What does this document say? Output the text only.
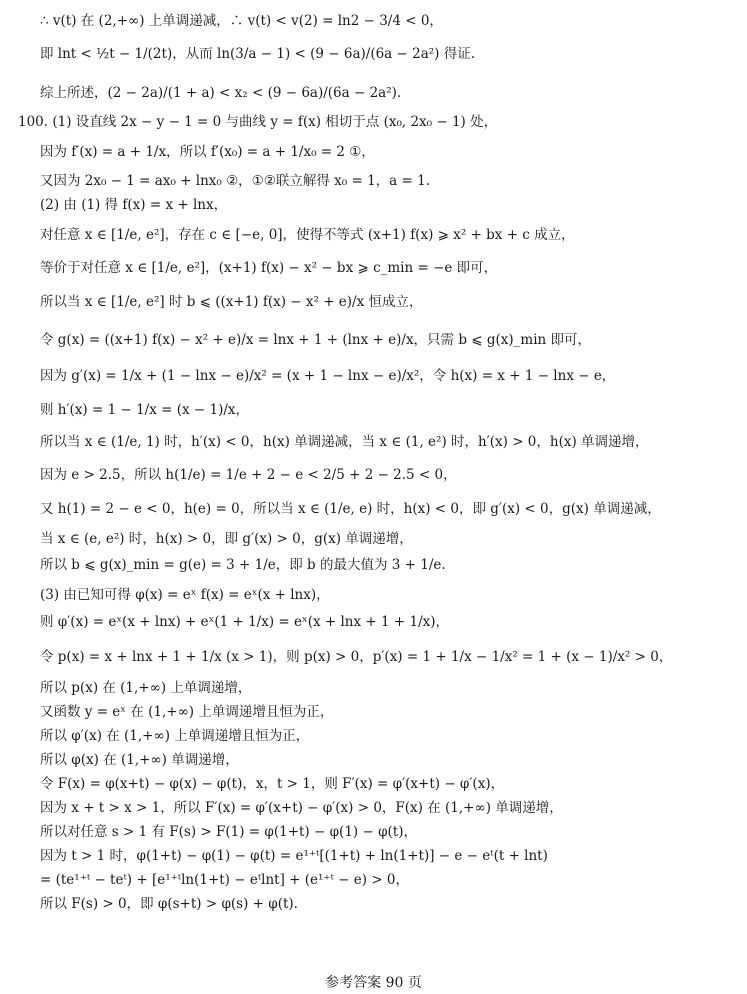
∴ v(t) 在 (2,+∞) 上单调递减，∴ v(t) < v(2) = ln2 − 3/4 < 0，
即 lnt < ½t − 1/(2t)，从而 ln(3/a − 1) < (9 − 6a)/(6a − 2a²) 得证.
综上所述，(2 − 2a)/(1 + a) < x₂ < (9 − 6a)/(6a − 2a²).
100. (1) 设直线 2x − y − 1 = 0 与曲线 y = f(x) 相切于点 (x₀, 2x₀ − 1) 处，
因为 f′(x) = a + 1/x，所以 f′(x₀) = a + 1/x₀ = 2 ①，
又因为 2x₀ − 1 = ax₀ + lnx₀ ②，①②联立解得 x₀ = 1，a = 1.
(2) 由 (1) 得 f(x) = x + lnx，
对任意 x ∈ [1/e, e²]，存在 c ∈ [−e, 0]，使得不等式 (x+1) f(x) ⩾ x² + bx + c 成立，
等价于对任意 x ∈ [1/e, e²]，(x+1) f(x) − x² − bx ⩾ c_min = −e 即可，
所以当 x ∈ [1/e, e²] 时 b ⩽ ((x+1) f(x) − x² + e)/x 恒成立，
令 g(x) = ((x+1) f(x) − x² + e)/x = lnx + 1 + (lnx + e)/x，只需 b ⩽ g(x)_min 即可，
因为 g′(x) = 1/x + (1 − lnx − e)/x² = (x + 1 − lnx − e)/x²，令 h(x) = x + 1 − lnx − e，
则 h′(x) = 1 − 1/x = (x − 1)/x，
所以当 x ∈ (1/e, 1) 时，h′(x) < 0，h(x) 单调递减，当 x ∈ (1, e²) 时，h′(x) > 0，h(x) 单调递增，
因为 e > 2.5，所以 h(1/e) = 1/e + 2 − e < 2/5 + 2 − 2.5 < 0，
又 h(1) = 2 − e < 0，h(e) = 0，所以当 x ∈ (1/e, e) 时，h(x) < 0，即 g′(x) < 0，g(x) 单调递减，
当 x ∈ (e, e²) 时，h(x) > 0，即 g′(x) > 0，g(x) 单调递增，
所以 b ⩽ g(x)_min = g(e) = 3 + 1/e，即 b 的最大值为 3 + 1/e.
(3) 由已知可得 φ(x) = eˣ f(x) = eˣ(x + lnx)，
则 φ′(x) = eˣ(x + lnx) + eˣ(1 + 1/x) = eˣ(x + lnx + 1 + 1/x)，
令 p(x) = x + lnx + 1 + 1/x (x > 1)，则 p(x) > 0，p′(x) = 1 + 1/x − 1/x² = 1 + (x − 1)/x² > 0，
所以 p(x) 在 (1,+∞) 上单调递增，
又函数 y = eˣ 在 (1,+∞) 上单调递增且恒为正，
所以 φ′(x) 在 (1,+∞) 上单调递增且恒为正，
所以 φ(x) 在 (1,+∞) 单调递增，
令 F(x) = φ(x+t) − φ(x) − φ(t)，x，t > 1，则 F′(x) = φ′(x+t) − φ′(x)，
因为 x + t > x > 1，所以 F′(x) = φ′(x+t) − φ′(x) > 0，F(x) 在 (1,+∞) 单调递增，
所以对任意 s > 1 有 F(s) > F(1) = φ(1+t) − φ(1) − φ(t)，
因为 t > 1 时，φ(1+t) − φ(1) − φ(t) = e¹⁺ᵗ[(1+t) + ln(1+t)] − e − eᵗ(t + lnt)
= (te¹⁺ᵗ − teᵗ) + [e¹⁺ᵗln(1+t) − eᵗlnt] + (e¹⁺ᵗ − e) > 0，
所以 F(s) > 0，即 φ(s+t) > φ(s) + φ(t).
参考答案 90 页
